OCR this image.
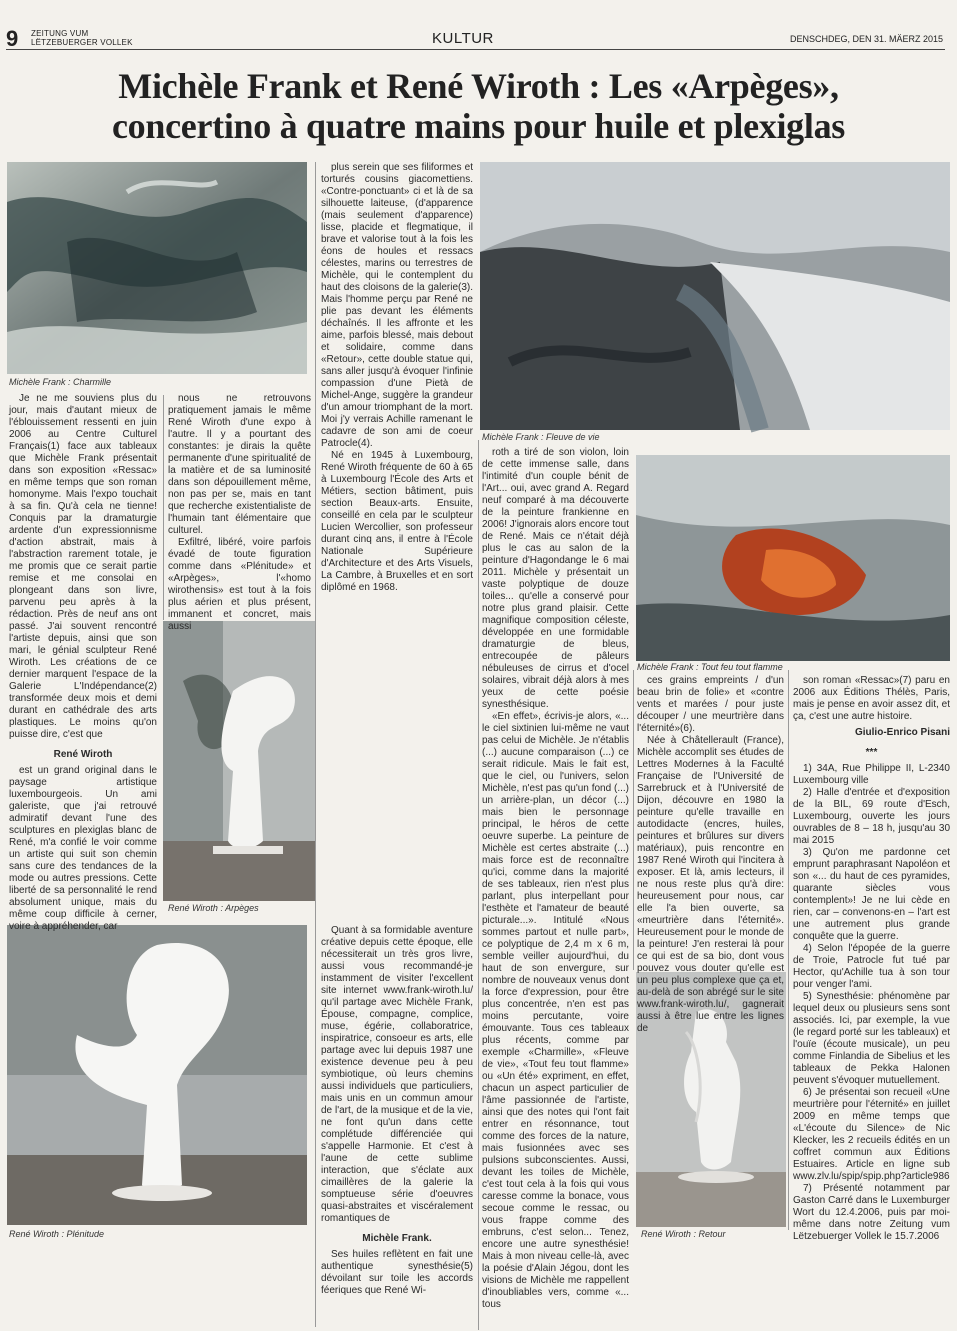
9 ZEITUNG VUM
LËTZEBUERGER VOLLEK	KULTUR	DENSCHDEG, DEN 31. MÄERZ 2015
Michèle Frank et René Wiroth : Les «Arpèges»,
concertino à quatre mains pour huile et plexiglas
Michèle Frank : Charmille
Michèle Frank : Fleuve de vie
Michèle Frank : Tout feu tout flamme
René Wiroth : Arpèges
René Wiroth : Plénitude	René Wiroth : Retour

Je ne me souviens plus du jour, mais d'autant mieux de l'éblouissement ressenti en juin 2006 au Centre Culturel Français(1) face aux tableaux que Michèle Frank présentait dans son exposition «Ressac» en même temps que son roman homonyme. Mais l'expo touchait à sa fin. Qu'à cela ne tienne! Conquis par la dramaturgie ardente d'un expressionnisme d'action abstrait, mais à l'abstraction rarement totale, je me promis que ce serait partie remise et me consolai en plongeant dans son livre, parvenu peu après à la rédaction. Près de neuf ans ont passé. J'ai souvent rencontré l'artiste depuis, ainsi que son mari, le génial sculpteur René Wiroth. Les créations de ce dernier marquent l'espace de la Galerie L'Indépendance(2) transformée deux mois et demi durant en cathédrale des arts plastiques. Le moins qu'on puisse dire, c'est que

René Wiroth

est un grand original dans le paysage artistique luxembourgeois. Un ami galeriste, que j'ai retrouvé admiratif devant l'une des sculptures en plexiglas blanc de René, m'a confié le voir comme un artiste qui suit son chemin sans cure des tendances de la mode ou autres pressions. Cette liberté de sa personnalité le rend absolument unique, mais du même coup difficile à cerner, voire à appréhender, car

nous ne retrouvons pratiquement jamais le même René Wiroth d'une expo à l'autre. Il y a pourtant des constantes: je dirais la quête permanente d'une spiritualité de la matière et de sa luminosité dans son dépouillement même, non pas per se, mais en tant que recherche existentialiste de l'humain tant élémentaire que culturel.

Exfiltré, libéré, voire parfois évadé de toute figuration comme dans «Plénitude» et «Arpèges», l'«homo wirothensis» est tout à la fois plus aérien et plus présent, immanent et concret, mais aussi

Quant à sa formidable aventure créative depuis cette époque, elle nécessiterait un très gros livre, aussi vous recommandé-je instamment de visiter l'excellent site internet www.frank-wiroth.lu/ qu'il partage avec Michèle Frank, Épouse, compagne, complice, muse, égérie, collaboratrice, inspiratrice, consoeur es arts, elle partage avec lui depuis 1987 une existence devenue peu à peu symbiotique, où leurs chemins aussi individuels que particuliers, mais unis en un commun amour de l'art, de la musique et de la vie, ne font qu'un dans cette complétude différenciée qui s'appelle Harmonie. Et c'est à l'aune de cette sublime interaction, que s'éclate aux cimaillères de la galerie la somptueuse série d'oeuvres quasi-abstraites et viscéralement romantiques de

Michèle Frank.

Ses huiles reflètent en fait une authentique synesthésie(5) dévoilant sur toile les accords féeriques que René Wi-

plus serein que ses filiformes et torturés cousins giacomettiens. «Contre-ponctuant» ci et là de sa silhouette laiteuse, (d'apparence (mais seulement d'apparence) lisse, placide et flegmatique, il brave et valorise tout à la fois les éons de houles et ressacs célestes, marins ou terrestres de Michèle, qui le contemplent du haut des cloisons de la galerie(3). Mais l'homme perçu par René ne plie pas devant les éléments déchaînés. Il les affronte et les aime, parfois blessé, mais debout et solidaire, comme dans «Retour», cette double statue qui, sans aller jusqu'à évoquer l'infinie compassion d'une Pietà de Michel-Ange, suggère la grandeur d'un amour triomphant de la mort. Moi j'y verrais Achille ramenant le cadavre de son ami de coeur Patrocle(4).

Né en 1945 à Luxembourg, René Wiroth fréquente de 60 à 65 à Luxembourg l'École des Arts et Métiers, section bâtiment, puis section Beaux-arts. Ensuite, conseillé en cela par le sculpteur Lucien Wercollier, son professeur durant cinq ans, il entre à l'École Nationale Supérieure d'Architecture et des Arts Visuels, La Cambre, à Bruxelles et en sort diplômé en 1968.

roth a tiré de son violon, loin de cette immense salle, dans l'intimité d'un couple bénit de l'Art... oui, avec grand A. Regard neuf comparé à ma découverte de la peinture frankienne en 2006! J'ignorais alors encore tout de René. Mais ce n'était déjà plus le cas au salon de la peinture d'Hagondange le 6 mai 2011. Michèle y présentait un vaste polyptique de douze toiles... qu'elle a conservé pour notre plus grand plaisir. Cette magnifique composition céleste, développée en une formidable dramaturgie de bleus, entrecoupée de pâleurs nébuleuses de cirrus et d'ocel solaires, vibrait déjà alors à mes yeux de cette poésie synesthésique.

«En effet», écrivis-je alors, «... le ciel sixtinien lui-même ne vaut pas celui de Michèle. Je n'établis (...) aucune comparaison (...) ce serait ridicule. Mais le fait est, que le ciel, ou l'univers, selon Michèle, n'est pas qu'un fond (...) un arrière-plan, un décor (...) mais bien le personnage principal, le héros de cette oeuvre superbe. La peinture de Michèle est certes abstraite (...) mais force est de reconnaître qu'ici, comme dans la majorité de ses tableaux, rien n'est plus parlant, plus interpellant pour l'esthète et l'amateur de beauté picturale...». Intitulé «Nous sommes partout et nulle part», ce polyptique de 2,4 m x 6 m, semble veiller aujourd'hui, du haut de son envergure, sur nombre de nouveaux venus dont la force d'expression, pour être plus concentrée, n'en est pas moins percutante, voire émouvante. Tous ces tableaux plus récents, comme par exemple «Charmille», «Fleuve de vie», «Tout feu tout flamme» ou «Un été» expriment, en effet, chacun un aspect particulier de l'âme passionnée de l'artiste, ainsi que des notes qui l'ont fait entrer en résonnance, tout comme des forces de la nature, mais fusionnées avec ses pulsions subconscientes. Aussi, devant les toiles de Michèle, c'est tout cela à la fois qui vous caresse comme la bonace, vous secoue comme le ressac, ou vous frappe comme des embruns, c'est selon... Tenez, encore une autre synesthésie! Mais à mon niveau celle-là, avec la poésie d'Alain Jégou, dont les visions de Michèle me rappellent d'inoubliables vers, comme «... tous

ces grains empreints / d'un beau brin de folie» et «contre vents et marées / pour juste découper / une meurtrière dans l'éternité»(6).

Née à Châtellerault (France), Michèle accomplit ses études de Lettres Modernes à la Faculté Française de l'Université de Sarrebruck et à l'Université de Dijon, découvre en 1980 la peinture qu'elle travaille en autodidacte (encres, huiles, peintures et brûlures sur divers matériaux), puis rencontre en 1987 René Wiroth qui l'incitera à exposer. Et là, amis lecteurs, il ne nous reste plus qu'à dire: heureusement pour nous, car elle l'a bien ouverte, sa «meurtrière dans l'éternité». Heureusement pour le monde de la peinture! J'en resterai là pour ce qui est de sa bio, dont vous pouvez vous douter qu'elle est un peu plus complexe que ça et, au-delà de son abrégé sur le site www.frank-wiroth.lu/, gagnerait aussi à être lue entre les lignes de

son roman «Ressac»(7) paru en 2006 aux Éditions Thélès, Paris, mais je pense en avoir assez dit, et ça, c'est une autre histoire.

Giulio-Enrico Pisani
***

1) 34A, Rue Philippe II, L-2340 Luxembourg ville

2) Halle d'entrée et d'exposition de la BIL, 69 route d'Esch, Luxembourg, ouverte les jours ouvrables de 8 – 18 h, jusqu'au 30 mai 2015

3) Qu'on me pardonne cet emprunt paraphrasant Napoléon et son «... du haut de ces pyramides, quarante siècles vous contemplent»! Je ne lui cède en rien, car – convenons-en – l'art est une autrement plus grande conquête que la guerre.

4) Selon l'épopée de la guerre de Troie, Patrocle fut tué par Hector, qu'Achille tua à son tour pour venger l'ami.

5) Synesthésie: phénomène par lequel deux ou plusieurs sens sont associés. Ici, par exemple, la vue (le regard porté sur les tableaux) et l'ouïe (écoute musicale), un peu comme Finlandia de Sibelius et les tableaux de Pekka Halonen peuvent s'évoquer mutuellement.

6) Je présentai son recueil «Une meurtrière pour l'éternité» en juillet 2009 en même temps que «L'écoute du Silence» de Nic Klecker, les 2 recueils édités en un coffret commun aux Éditions Estuaires. Article en ligne sub www.zlv.lu/spip/spip.php?article986

7) Présenté notamment par Gaston Carré dans le Luxemburger Wort du 12.4.2006, puis par moi-même dans notre Zeitung vum Lëtzebuerger Vollek le 15.7.2006
